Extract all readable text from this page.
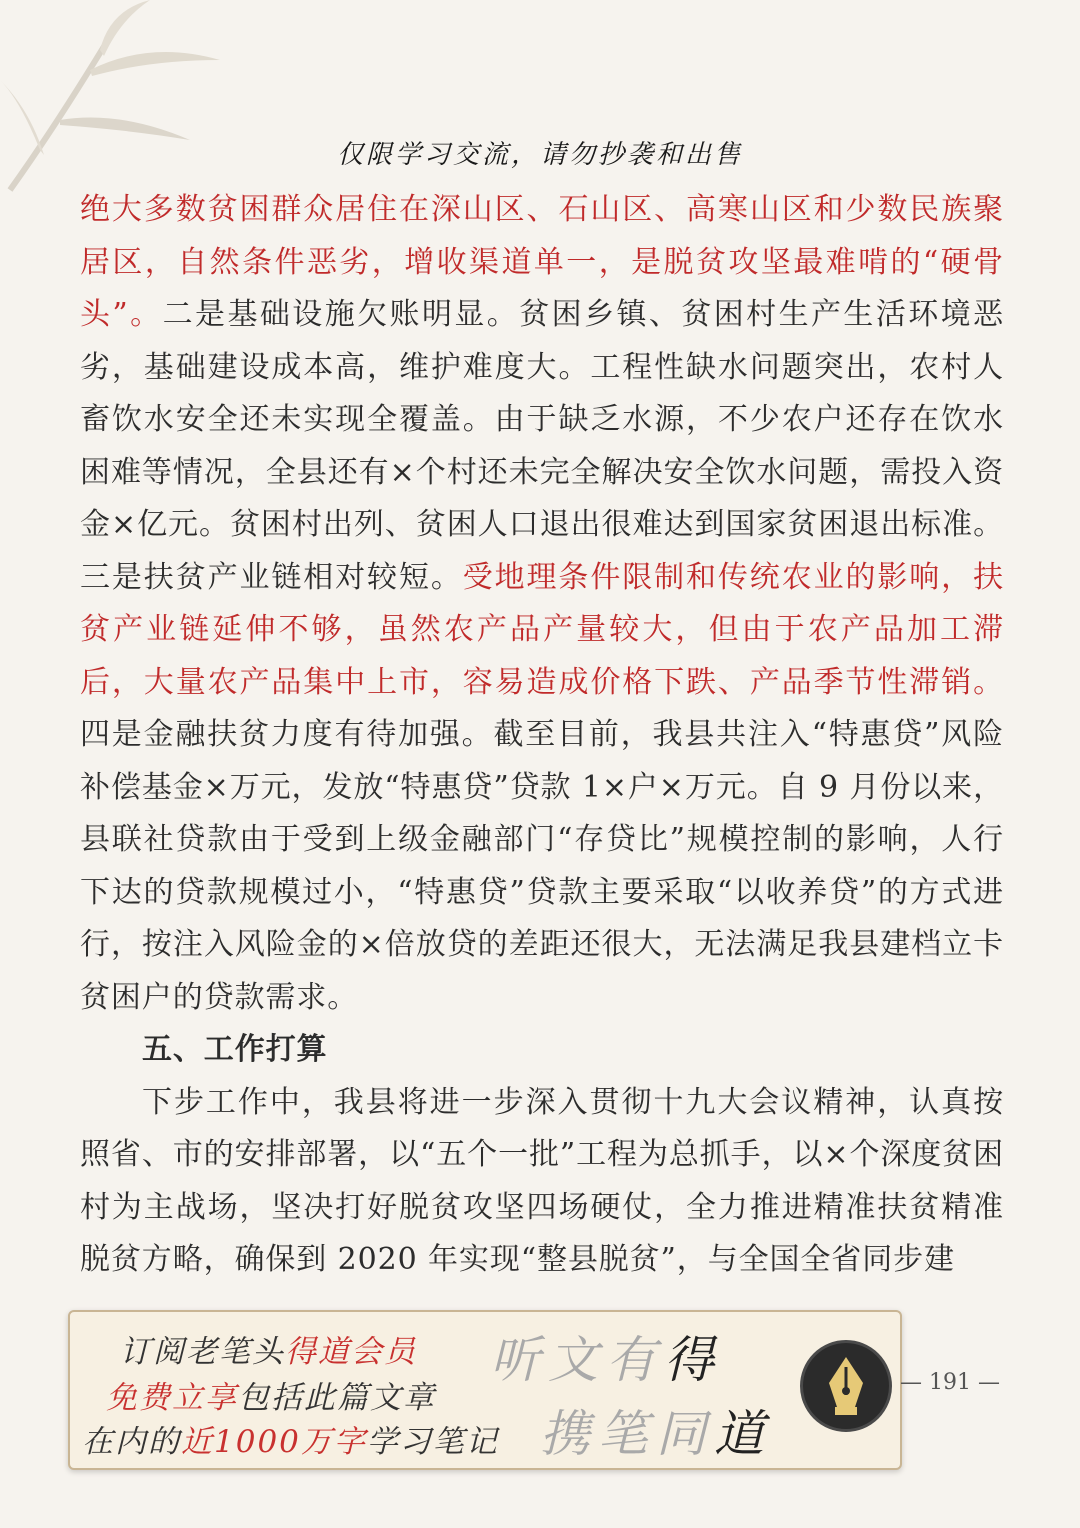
仅限学习交流，请勿抄袭和出售

绝大多数贫困群众居住在深山区、石山区、高寒山区和少数民族聚居区，自然条件恶劣，增收渠道单一，是脱贫攻坚最难啃的“硬骨头”。二是基础设施欠账明显。贫困乡镇、贫困村生产生活环境恶劣，基础建设成本高，维护难度大。工程性缺水问题突出，农村人畜饮水安全还未实现全覆盖。由于缺乏水源，不少农户还存在饮水困难等情况，全县还有×个村还未完全解决安全饮水问题，需投入资金×亿元。贫困村出列、贫困人口退出很难达到国家贫困退出标准。三是扶贫产业链相对较短。受地理条件限制和传统农业的影响，扶贫产业链延伸不够，虽然农产品产量较大，但由于农产品加工滞后，大量农产品集中上市，容易造成价格下跌、产品季节性滞销。四是金融扶贫力度有待加强。截至目前，我县共注入“特惠贷”风险补偿基金×万元，发放“特惠贷”贷款 1×户×万元。自 9 月份以来，县联社贷款由于受到上级金融部门“存贷比”规模控制的影响，人行下达的贷款规模过小，“特惠贷”贷款主要采取“以收养贷”的方式进行，按注入风险金的×倍放贷的差距还很大，无法满足我县建档立卡贫困户的贷款需求。

五、工作打算

下步工作中，我县将进一步深入贯彻十九大会议精神，认真按照省、市的安排部署，以“五个一批”工程为总抓手，以×个深度贫困村为主战场，坚决打好脱贫攻坚四场硬仗，全力推进精准扶贫精准脱贫方略，确保到 2020 年实现“整县脱贫”，与全国全省同步建

订阅老笔头得道会员
免费立享包括此篇文章
在内的近1000万字学习笔记
听文有得
携笔同道
— 191 —
